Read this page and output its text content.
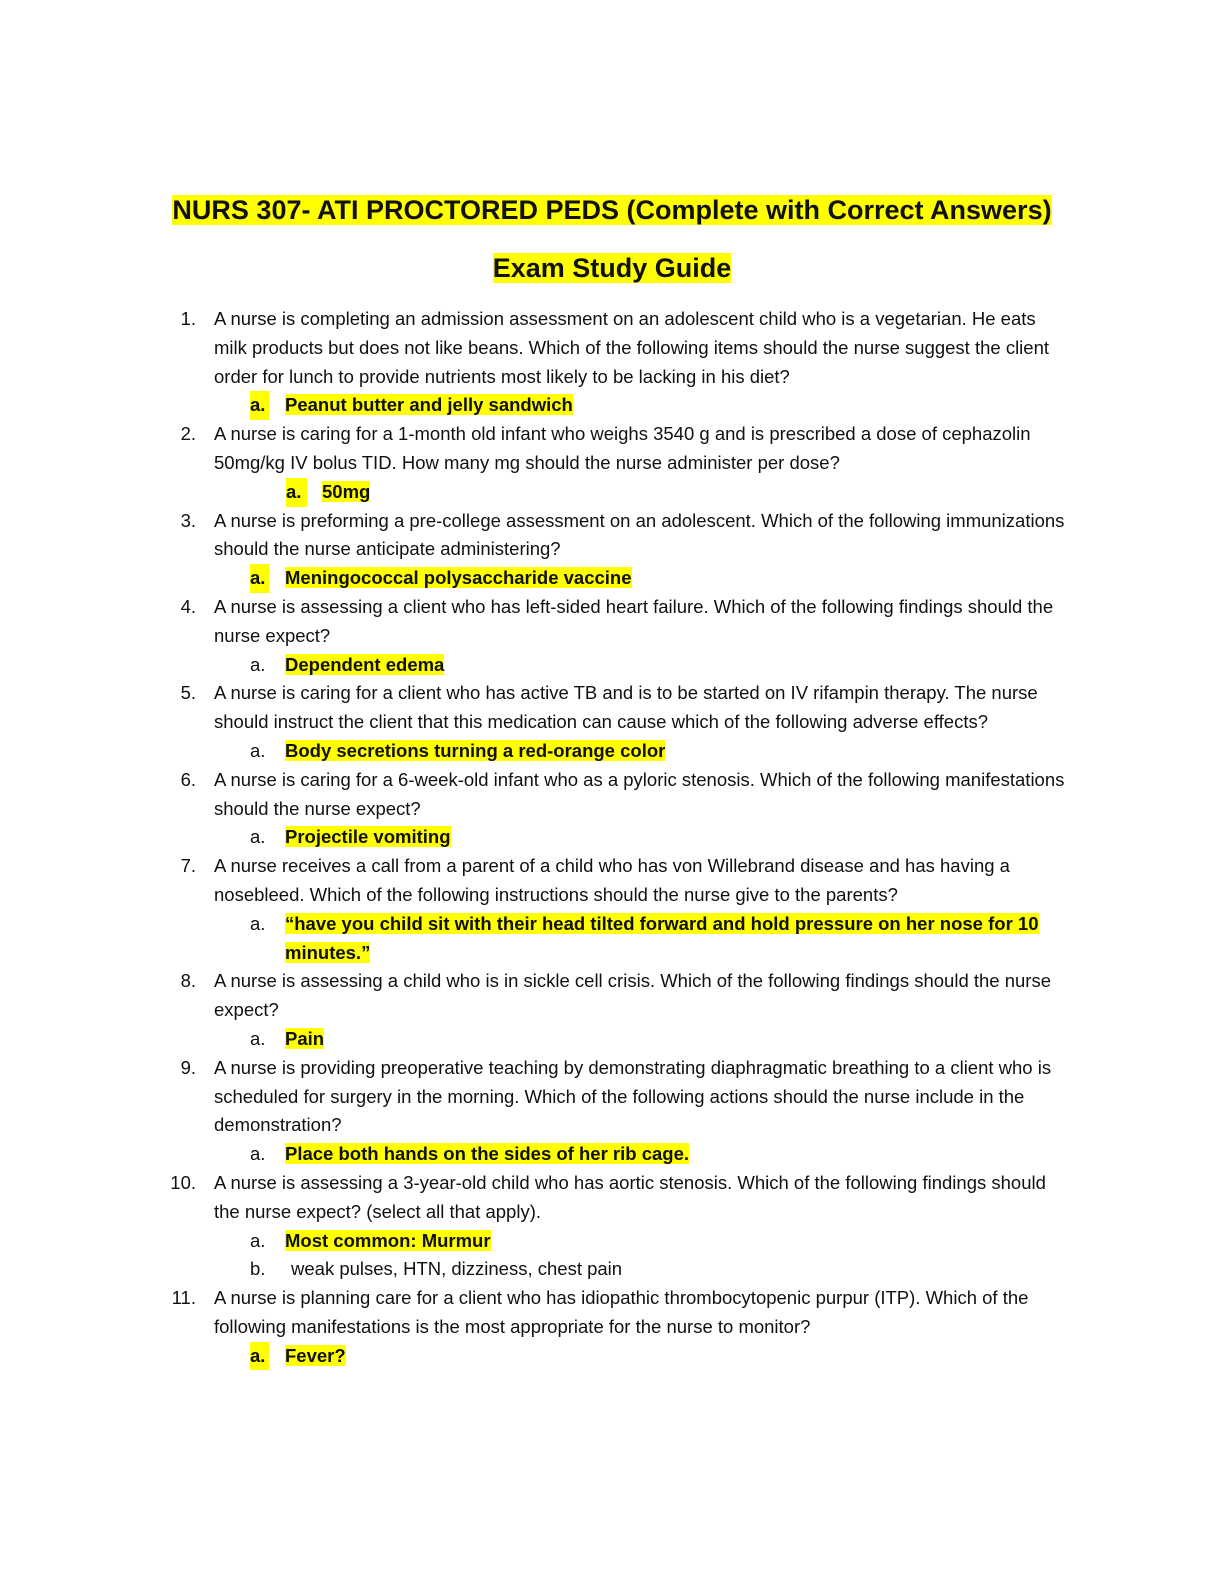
NURS 307- ATI PROCTORED PEDS (Complete with Correct Answers)
Exam Study Guide
1. A nurse is completing an admission assessment on an adolescent child who is a vegetarian. He eats milk products but does not like beans. Which of the following items should the nurse suggest the client order for lunch to provide nutrients most likely to be lacking in his diet?
a. Peanut butter and jelly sandwich
2. A nurse is caring for a 1-month old infant who weighs 3540 g and is prescribed a dose of cephazolin 50mg/kg IV bolus TID. How many mg should the nurse administer per dose?
a.	50mg
3. A nurse is preforming a pre-college assessment on an adolescent. Which of the following immunizations should the nurse anticipate administering?
a. Meningococcal polysaccharide vaccine
4. A nurse is assessing a client who has left-sided heart failure. Which of the following findings should the nurse expect?
a. Dependent edema
5. A nurse is caring for a client who has active TB and is to be started on IV rifampin therapy. The nurse should instruct the client that this medication can cause which of the following adverse effects?
a. Body secretions turning a red-orange color
6. A nurse is caring for a 6-week-old infant who as a pyloric stenosis. Which of the following manifestations should the nurse expect?
a. Projectile vomiting
7. A nurse receives a call from a parent of a child who has von Willebrand disease and has having a nosebleed. Which of the following instructions should the nurse give to the parents?
a. “have you child sit with their head tilted forward and hold pressure on her nose for 10 minutes.”
8. A nurse is assessing a child who is in sickle cell crisis. Which of the following findings should the nurse expect?
a. Pain
9. A nurse is providing preoperative teaching by demonstrating diaphragmatic breathing to a client who is scheduled for surgery in the morning. Which of the following actions should the nurse include in the demonstration?
a. Place both hands on the sides of her rib cage.
10. A nurse is assessing a 3-year-old child who has aortic stenosis. Which of the following findings should the nurse expect? (select all that apply).
a. Most common: Murmur
b. weak pulses, HTN, dizziness, chest pain
11. A nurse is planning care for a client who has idiopathic thrombocytopenic purpur (ITP). Which of the following manifestations is the most appropriate for the nurse to monitor?
a. Fever?
